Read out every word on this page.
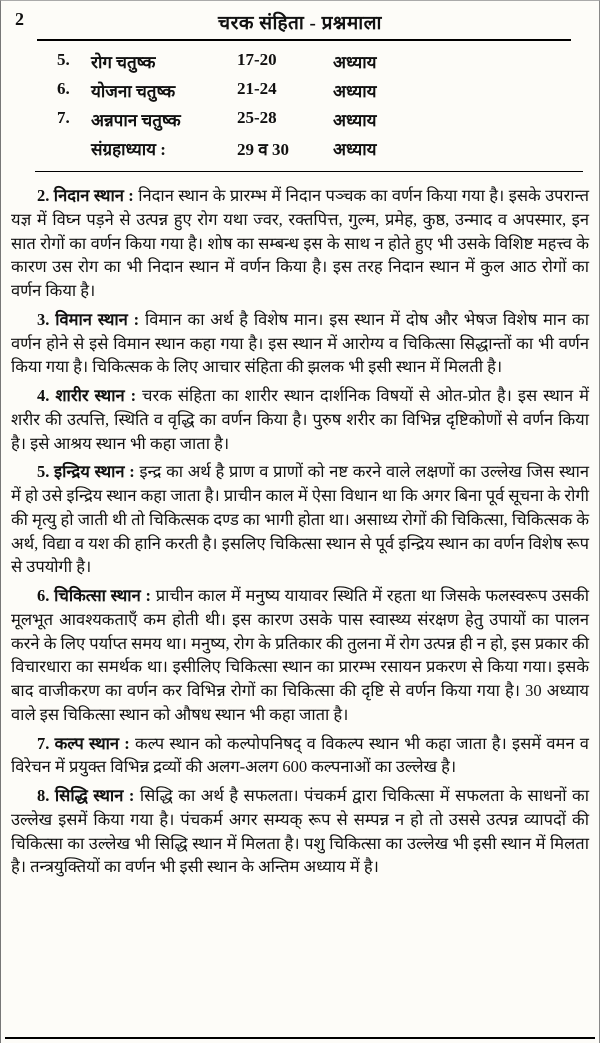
2	चरक संहिता - प्रश्नमाला
5.	रोग चतुष्क	17-20	अध्याय
6.	योजना चतुष्क	21-24	अध्याय
7.	अन्नपान चतुष्क	25-28	अध्याय
	संग्रहाध्याय :	29 व 30	अध्याय

2. निदान स्थान : निदान स्थान के प्रारम्भ में निदान पञ्चक का वर्णन किया गया है। इसके उपरान्त यज्ञ में विघ्न पड़ने से उत्पन्न हुए रोग यथा ज्वर, रक्तपित्त, गुल्म, प्रमेह, कुष्ठ, उन्माद व अपस्मार, इन सात रोगों का वर्णन किया गया है। शोष का सम्बन्ध इस के साथ न होते हुए भी उसके विशिष्ट महत्त्व के कारण उस रोग का भी निदान स्थान में वर्णन किया है। इस तरह निदान स्थान में कुल आठ रोगों का वर्णन किया है।

3. विमान स्थान : विमान का अर्थ है विशेष मान। इस स्थान में दोष और भेषज विशेष मान का वर्णन होने से इसे विमान स्थान कहा गया है। इस स्थान में आरोग्य व चिकित्सा सिद्धान्तों का भी वर्णन किया गया है। चिकित्सक के लिए आचार संहिता की झलक भी इसी स्थान में मिलती है।

4. शारीर स्थान : चरक संहिता का शारीर स्थान दार्शनिक विषयों से ओत-प्रोत है। इस स्थान में शरीर की उत्पत्ति, स्थिति व वृद्धि का वर्णन किया है। पुरुष शरीर का विभिन्न दृष्टिकोणों से वर्णन किया है। इसे आश्रय स्थान भी कहा जाता है।

5. इन्द्रिय स्थान : इन्द्र का अर्थ है प्राण व प्राणों को नष्ट करने वाले लक्षणों का उल्लेख जिस स्थान में हो उसे इन्द्रिय स्थान कहा जाता है। प्राचीन काल में ऐसा विधान था कि अगर बिना पूर्व सूचना के रोगी की मृत्यु हो जाती थी तो चिकित्सक दण्ड का भागी होता था। असाध्य रोगों की चिकित्सा, चिकित्सक के अर्थ, विद्या व यश की हानि करती है। इसलिए चिकित्सा स्थान से पूर्व इन्द्रिय स्थान का वर्णन विशेष रूप से उपयोगी है।

6. चिकित्सा स्थान : प्राचीन काल में मनुष्य यायावर स्थिति में रहता था जिसके फलस्वरूप उसकी मूलभूत आवश्यकताएँ कम होती थी। इस कारण उसके पास स्वास्थ्य संरक्षण हेतु उपायों का पालन करने के लिए पर्याप्त समय था। मनुष्य, रोग के प्रतिकार की तुलना में रोग उत्पन्न ही न हो, इस प्रकार की विचारधारा का समर्थक था। इसीलिए चिकित्सा स्थान का प्रारम्भ रसायन प्रकरण से किया गया। इसके बाद वाजीकरण का वर्णन कर विभिन्न रोगों का चिकित्सा की दृष्टि से वर्णन किया गया है। 30 अध्याय वाले इस चिकित्सा स्थान को औषध स्थान भी कहा जाता है।

7. कल्प स्थान : कल्प स्थान को कल्पोपनिषद् व विकल्प स्थान भी कहा जाता है। इसमें वमन व विरेचन में प्रयुक्त विभिन्न द्रव्यों की अलग-अलग 600 कल्पनाओं का उल्लेख है।

8. सिद्धि स्थान : सिद्धि का अर्थ है सफलता। पंचकर्म द्वारा चिकित्सा में सफलता के साधनों का उल्लेख इसमें किया गया है। पंचकर्म अगर सम्यक् रूप से सम्पन्न न हो तो उससे उत्पन्न व्यापदों की चिकित्सा का उल्लेख भी सिद्धि स्थान में मिलता है। पशु चिकित्सा का उल्लेख भी इसी स्थान में मिलता है। तन्त्रयुक्तियों का वर्णन भी इसी स्थान के अन्तिम अध्याय में है।
